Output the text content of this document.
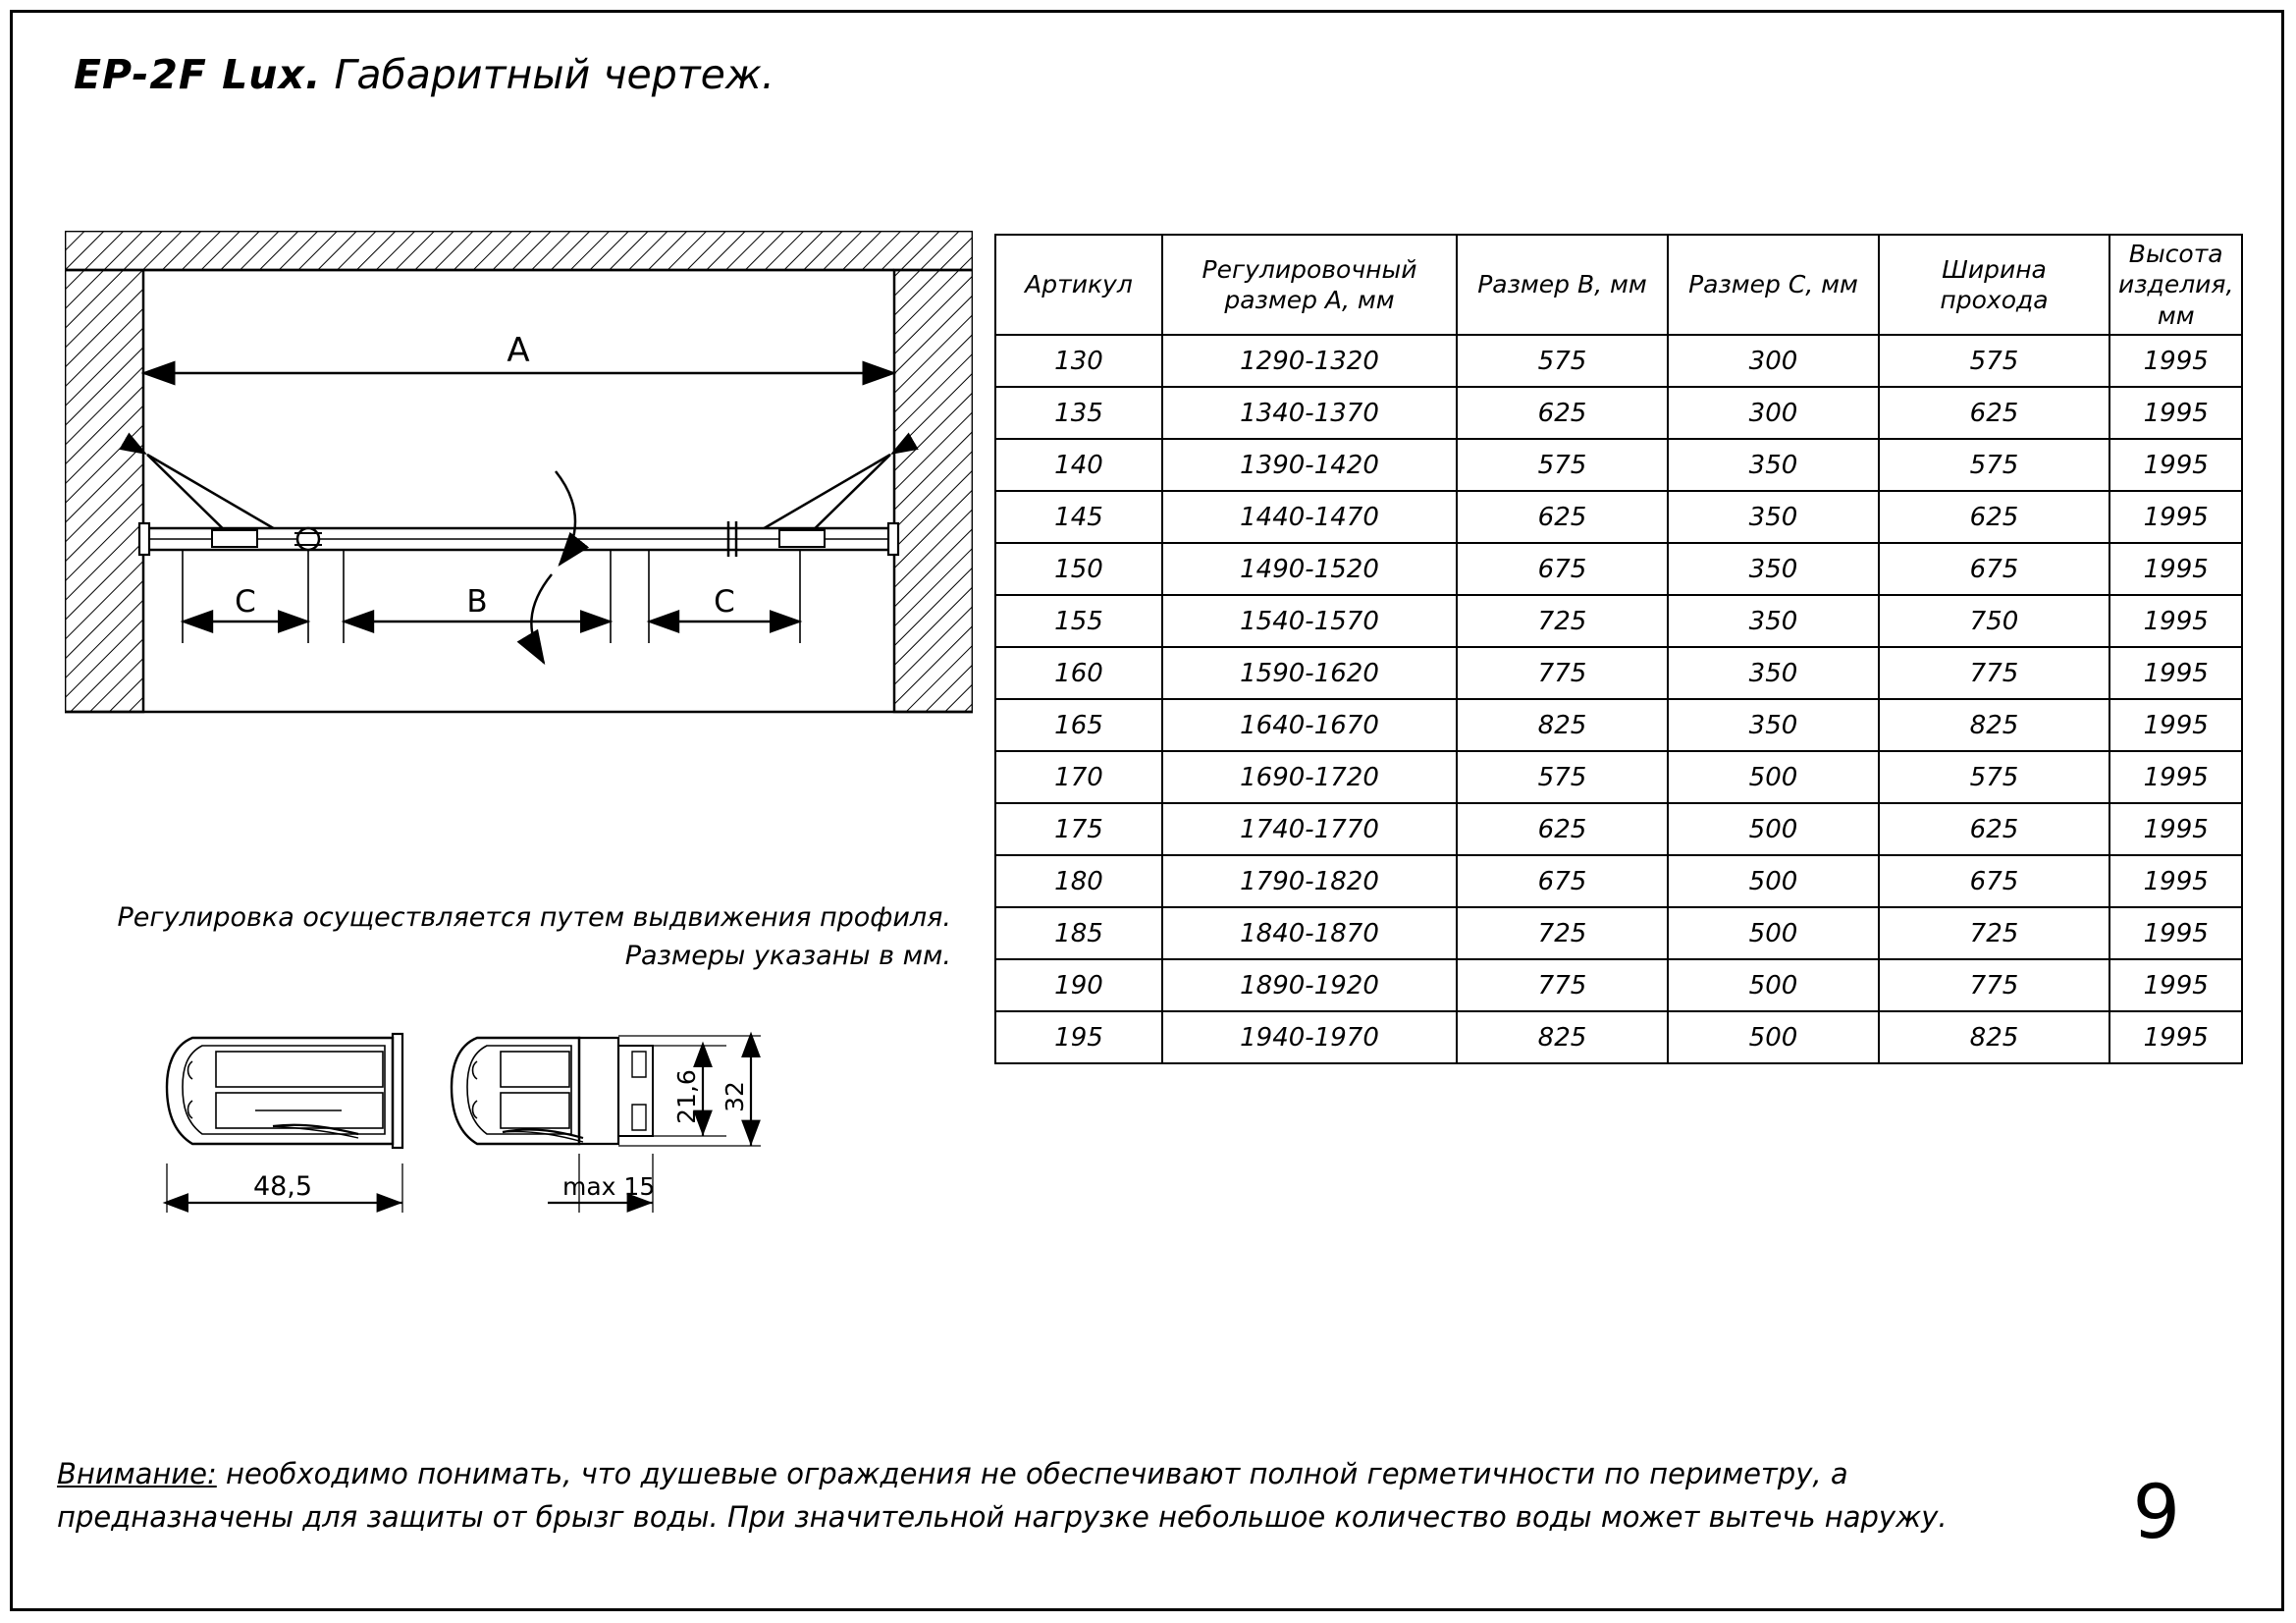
EP-2F Lux. Габаритный чертеж.
A
C	B	C
Регулировка осуществляется путем выдвижения профиля.
Размеры указаны в мм.
48,5
21,6 32
max 15
Артикул	Регулировочный размер А, мм	Размер В, мм	Размер С, мм	Ширина прохода	Высота изделия, мм
130	1290-1320	575	300	575	1995
135	1340-1370	625	300	625	1995
140	1390-1420	575	350	575	1995
145	1440-1470	625	350	625	1995
150	1490-1520	675	350	675	1995
155	1540-1570	725	350	750	1995
160	1590-1620	775	350	775	1995
165	1640-1670	825	350	825	1995
170	1690-1720	575	500	575	1995
175	1740-1770	625	500	625	1995
180	1790-1820	675	500	675	1995
185	1840-1870	725	500	725	1995
190	1890-1920	775	500	775	1995
195	1940-1970	825	500	825	1995
Внимание: необходимо понимать, что душевые ограждения не обеспечивают полной герметичности по периметру, а предназначены для защиты от брызг воды. При значительной нагрузке небольшое количество воды может вытечь наружу.	9
